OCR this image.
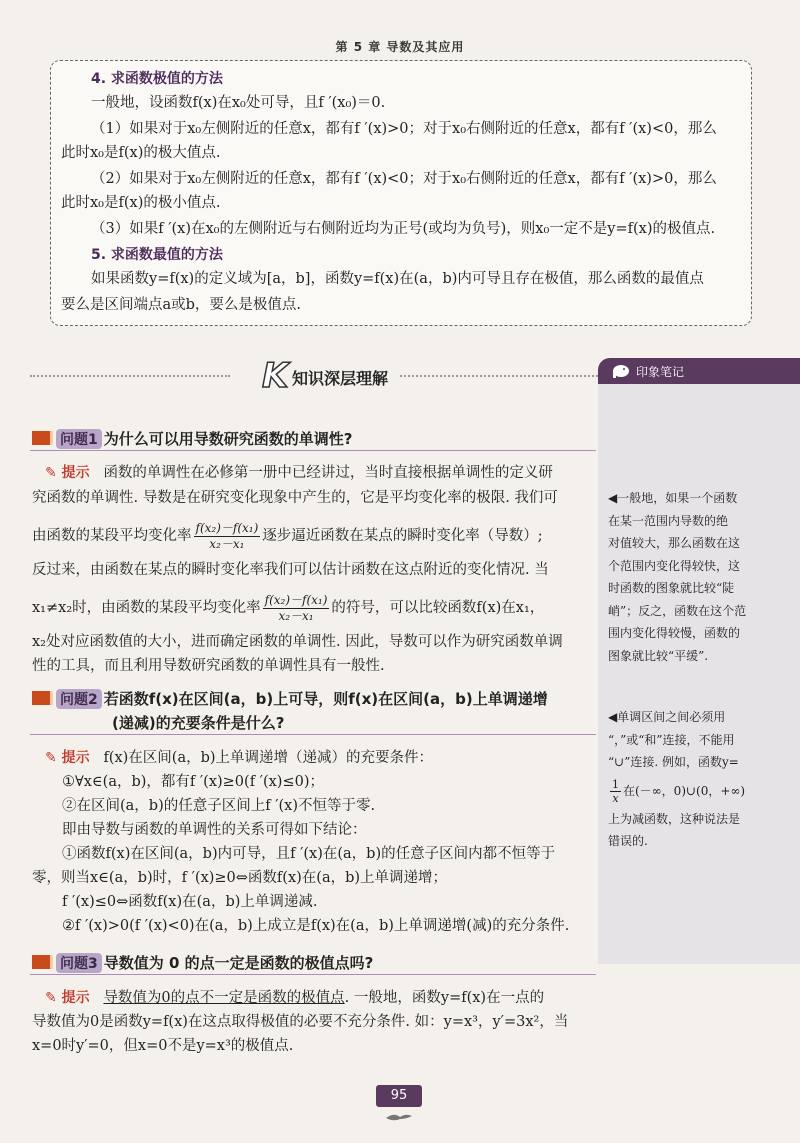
第 5 章 导数及其应用
4. 求函数极值的方法
一般地，设函数f(x)在x₀处可导，且f ′(x₀)＝0.
（1）如果对于x₀左侧附近的任意x，都有f ′(x)>0；对于x₀右侧附近的任意x，都有f ′(x)<0，那么
此时x₀是f(x)的极大值点.
（2）如果对于x₀左侧附近的任意x，都有f ′(x)<0；对于x₀右侧附近的任意x，都有f ′(x)>0，那么
此时x₀是f(x)的极小值点.
（3）如果f ′(x)在x₀的左侧附近与右侧附近均为正号(或均为负号)，则x₀一定不是y=f(x)的极值点.
5. 求函数最值的方法
如果函数y=f(x)的定义域为[a，b]，函数y=f(x)在(a，b)内可导且存在极值，那么函数的最值点
要么是区间端点a或b，要么是极值点.
K 知识深层理解	印象笔记
◀一般地，如果一个函数
在某一范围内导数的绝
对值较大，那么函数在这
个范围内变化得较快，这
时函数的图象就比较“陡
峭”；反之，函数在这个范
围内变化得较慢，函数的
图象就比较“平缓”.
◀单调区间之间必须用
“，”或“和”连接，不能用
“∪”连接. 例如，函数y=
$\frac{1}{x}$ 在(－∞，0)∪(0，+∞)
上为减函数，这种说法是
错误的.
问题1 为什么可以用导数研究函数的单调性?
✎ 提示 函数的单调性在必修第一册中已经讲过，当时直接根据单调性的定义研
究函数的单调性. 导数是在研究变化现象中产生的，它是平均变化率的极限. 我们可
由函数的某段平均变化率 $\frac{\text{f(x₂)－f(x₁)}}{\text{x₂－x₁}}$ 逐步逼近函数在某点的瞬时变化率（导数）;
反过来，由函数在某点的瞬时变化率我们可以估计函数在这点附近的变化情况. 当
x₁≠x₂时，由函数的某段平均变化率 $\frac{\text{f(x₂)－f(x₁)}}{\text{x₂－x₁}}$ 的符号，可以比较函数f(x)在x₁，
x₂处对应函数值的大小，进而确定函数的单调性. 因此，导数可以作为研究函数单调
性的工具，而且利用导数研究函数的单调性具有一般性.
问题2 若函数f(x)在区间(a，b)上可导，则f(x)在区间(a，b)上单调递增
(递减)的充要条件是什么?
✎ 提示 f(x)在区间(a，b)上单调递增（递减）的充要条件：
①∀x∈(a，b)，都有f ′(x)≥0(f ′(x)≤0)；
②在区间(a，b)的任意子区间上f ′(x)不恒等于零.
即由导数与函数的单调性的关系可得如下结论：
①函数f(x)在区间(a，b)内可导，且f ′(x)在(a，b)的任意子区间内都不恒等于
零，则当x∈(a，b)时，f ′(x)≥0⇔函数f(x)在(a，b)上单调递增；
f ′(x)≤0⇔函数f(x)在(a，b)上单调递减.
②f ′(x)>0(f ′(x)<0)在(a，b)上成立是f(x)在(a，b)上单调递增(减)的充分条件.
问题3 导数值为 0 的点一定是函数的极值点吗?
✎ 提示 导数值为0的点不一定是函数的极值点. 一般地，函数y=f(x)在一点的
导数值为0是函数y=f(x)在这点取得极值的必要不充分条件. 如：y=x³，y′=3x²，当
x=0时y′=0，但x=0不是y=x³的极值点.
95
